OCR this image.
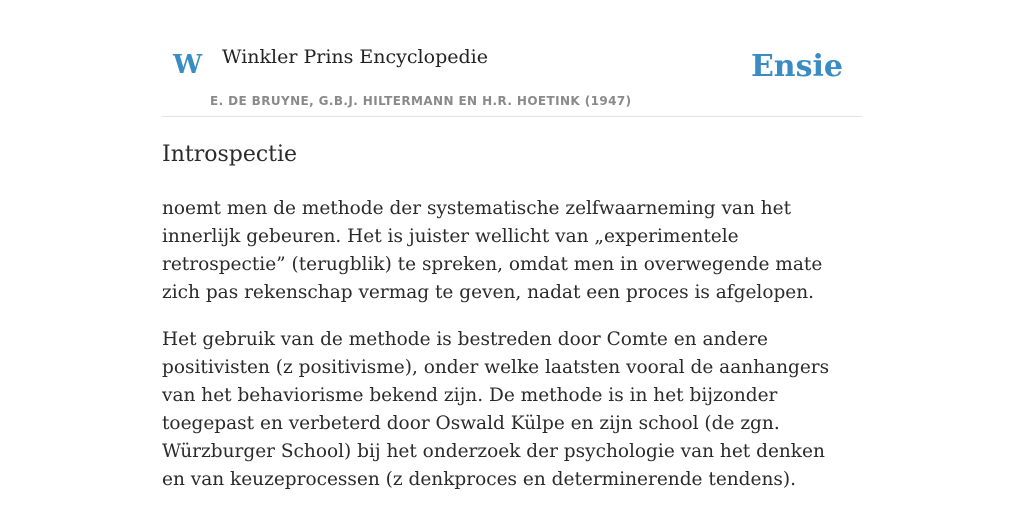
W Winkler Prins Encyclopedie
E. DE BRUYNE, G.B.J. HILTERMANN EN H.R. HOETINK (1947)
Ensie
Introspectie

noemt men de methode der systematische zelfwaarneming van het innerlijk gebeuren. Het is juister wellicht van „experimentele retrospectie” (terugblik) te spreken, omdat men in overwegende mate zich pas rekenschap vermag te geven, nadat een proces is afgelopen.

Het gebruik van de methode is bestreden door Comte en andere positivisten (z positivisme), onder welke laatsten vooral de aanhangers van het behaviorisme bekend zijn. De methode is in het bijzonder toegepast en verbeterd door Oswald Külpe en zijn school (de zgn. Würzburger School) bij het onderzoek der psychologie van het denken en van keuzeprocessen (z denkproces en determinerende tendens).
